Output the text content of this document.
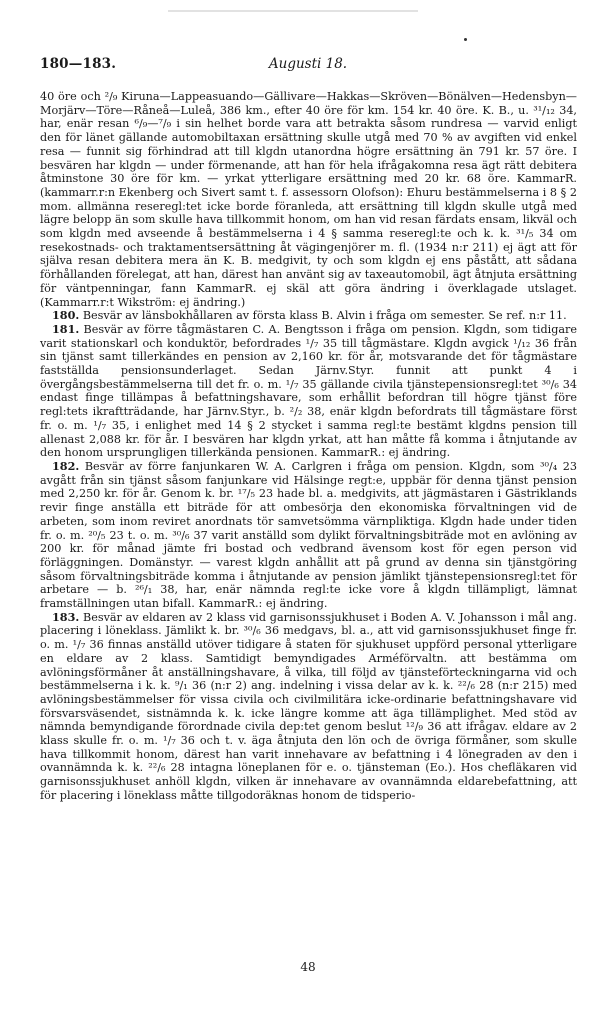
180—183.	Augusti 18.

40 öre och ²/₉ Kiruna—Lappeasuando—Gällivare—Hakkas—Skröven—Bönälven—Hedensbyn—Morjärv—Töre—Råneå—Luleå, 386 km., efter 40 öre för km. 154 kr. 40 öre. K. B., u. ³¹/₁₂ 34, har, enär resan ⁶/₉—⁷/₉ i sin helhet borde vara att betrakta såsom rundresa — varvid enligt den för länet gällande automobiltaxan ersättning skulle utgå med 70 % av avgiften vid enkel resa — funnit sig förhindrad att till klgdn utanordna högre ersättning än 791 kr. 57 öre. I besvären har klgdn — under förmenande, att han för hela ifrågakomna resa ägt rätt debitera åtminstone 30 öre för km. — yrkat ytterligare ersättning med 20 kr. 68 öre. KammarR. (kammarr.r:n Ekenberg och Sivert samt t. f. assessorn Olofson): Ehuru bestämmelserna i 8 § 2 mom. allmänna reseregl:tet icke borde föranleda, att ersättning till klgdn skulle utgå med lägre belopp än som skulle hava tillkommit honom, om han vid resan färdats ensam, likväl och som klgdn med avseende å bestämmelserna i 4 § samma reseregl:te och k. k. ³¹/₅ 34 om resekostnads- och traktamentsersättning åt vägingenjörer m. fl. (1934 n:r 211) ej ägt att för själva resan debitera mera än K. B. medgivit, ty och som klgdn ej ens påstått, att sådana förhållanden förelegat, att han, därest han använt sig av taxeautomobil, ägt åtnjuta ersättning för väntpenningar, fann KammarR. ej skäl att göra ändring i överklagade utslaget. (Kammarr.r:t Wikström: ej ändring.)

180. Besvär av länsbokhållaren av första klass B. Alvin i fråga om semester. Se ref. n:r 11.

181. Besvär av förre tågmästaren C. A. Bengtsson i fråga om pension. Klgdn, som tidigare varit stationskarl och konduktör, befordrades ¹/₇ 35 till tågmästare. Klgdn avgick ¹/₁₂ 36 från sin tjänst samt tillerkändes en pension av 2,160 kr. för år, motsvarande det för tågmästare fastställda pensionsunderlaget. Sedan Järnv.Styr. funnit att punkt 4 i övergångsbestämmelserna till det fr. o. m. ¹/₇ 35 gällande civila tjänstepensionsregl:tet ³⁰/₆ 34 endast finge tillämpas å befattningshavare, som erhållit befordran till högre tjänst före regl:tets ikraftträdande, har Järnv.Styr., b. ²/₂ 38, enär klgdn befordrats till tågmästare först fr. o. m. ¹/₇ 35, i enlighet med 14 § 2 stycket i samma regl:te bestämt klgdns pension till allenast 2,088 kr. för år. I besvären har klgdn yrkat, att han måtte få komma i åtnjutande av den honom ursprungligen tillerkända pensionen. KammarR.: ej ändring.

182. Besvär av förre fanjunkaren W. A. Carlgren i fråga om pension. Klgdn, som ³⁰/₄ 23 avgått från sin tjänst såsom fanjunkare vid Hälsinge regt:e, uppbär för denna tjänst pension med 2,250 kr. för år. Genom k. br. ¹⁷/₅ 23 hade bl. a. medgivits, att jägmästaren i Gästriklands revir finge anställa ett biträde för att ombesörja den ekonomiska förvaltningen vid de arbeten, som inom reviret anordnats tör samvetsömma värnpliktiga. Klgdn hade under tiden fr. o. m. ²⁰/₅ 23 t. o. m. ³⁰/₆ 37 varit anställd som dylikt förvaltningsbiträde mot en avlöning av 200 kr. för månad jämte fri bostad och vedbrand ävensom kost för egen person vid förläggningen. Domänstyr. — varest klgdn anhållit att på grund av denna sin tjänstgöring såsom förvaltningsbiträde komma i åtnjutande av pension jämlikt tjänstepensionsregl:tet för arbetare — b. ²⁶/₁ 38, har, enär nämnda regl:te icke vore å klgdn tillämpligt, lämnat framställningen utan bifall. KammarR.: ej ändring.

183. Besvär av eldaren av 2 klass vid garnisonssjukhuset i Boden A. V. Johansson i mål ang. placering i löneklass. Jämlikt k. br. ³⁰/₆ 36 medgavs, bl. a., att vid garnisonssjukhuset finge fr. o. m. ¹/₇ 36 finnas anställd utöver tidigare å staten för sjukhuset uppförd personal ytterligare en eldare av 2 klass. Samtidigt bemyndigades Arméförvaltn. att bestämma om avlöningsförmåner åt anställningshavare, å vilka, till följd av tjänsteförteckningarna vid och bestämmelserna i k. k. ⁹/₁ 36 (n:r 2) ang. indelning i vissa delar av k. k. ²²/₆ 28 (n:r 215) med avlöningsbestämmelser för vissa civila och civilmilitära icke-ordinarie befattningshavare vid försvarsväsendet, sistnämnda k. k. icke längre komme att äga tillämplighet. Med stöd av nämnda bemyndigande förordnade civila dep:tet genom beslut ¹²/₉ 36 att ifrågav. eldare av 2 klass skulle fr. o. m. ¹/₇ 36 och t. v. äga åtnjuta den lön och de övriga förmåner, som skulle hava tillkommit honom, därest han varit innehavare av befattning i 4 lönegraden av den i ovannämnda k. k. ²²/₆ 28 intagna löneplanen för e. o. tjänsteman (Eo.). Hos chefläkaren vid garnisonssjukhuset anhöll klgdn, vilken är innehavare av ovannämnda eldarebefattning, att för placering i löneklass måtte tillgodoräknas honom de tidsperio-

48
